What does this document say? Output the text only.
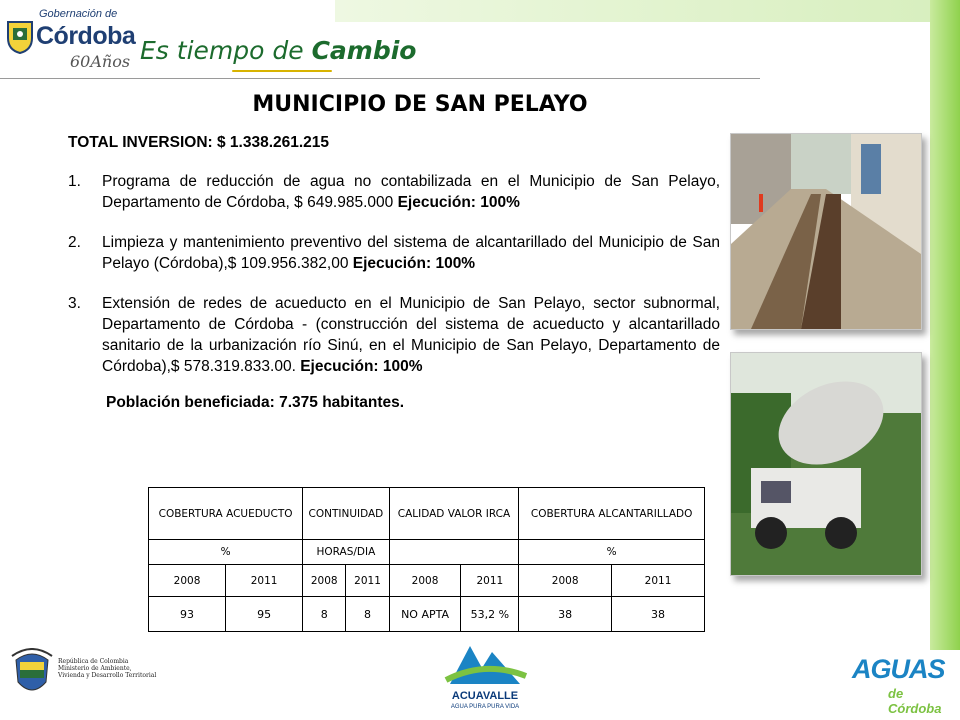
Gobernación de
Córdoba
60Años Es tiempo de Cambio
MUNICIPIO DE SAN PELAYO
TOTAL INVERSION: $ 1.338.261.215
1. Programa de reducción de agua no contabilizada en el Municipio de San Pelayo, Departamento de Córdoba, $ 649.985.000 Ejecución: 100%
2. Limpieza y mantenimiento preventivo del sistema de alcantarillado del Municipio de San Pelayo (Córdoba),$ 109.956.382,00 Ejecución: 100%
3. Extensión de redes de acueducto en el Municipio de San Pelayo, sector subnormal, Departamento de Córdoba - (construcción del sistema de acueducto y alcantarillado sanitario de la urbanización río Sinú, en el Municipio de San Pelayo, Departamento de Córdoba),$ 578.319.833.00. Ejecución: 100%
Población beneficiada: 7.375 habitantes.
COBERTURA ACUEDUCTO		CONTINUIDAD		CALIDAD VALOR IRCA		COBERTURA ALCANTARILLADO	
%		HORAS/DIA				%	
2008	2011	2008	2011	2008	2011	2008	2011
93	95	8	8	NO APTA	53,2 %	38	38
República de Colombia
Ministerio de Ambiente,
Vivienda y Desarrollo Territorial
ACUAVALLE
AGUA PURA PURA VIDA
AGUAS
de Córdoba
